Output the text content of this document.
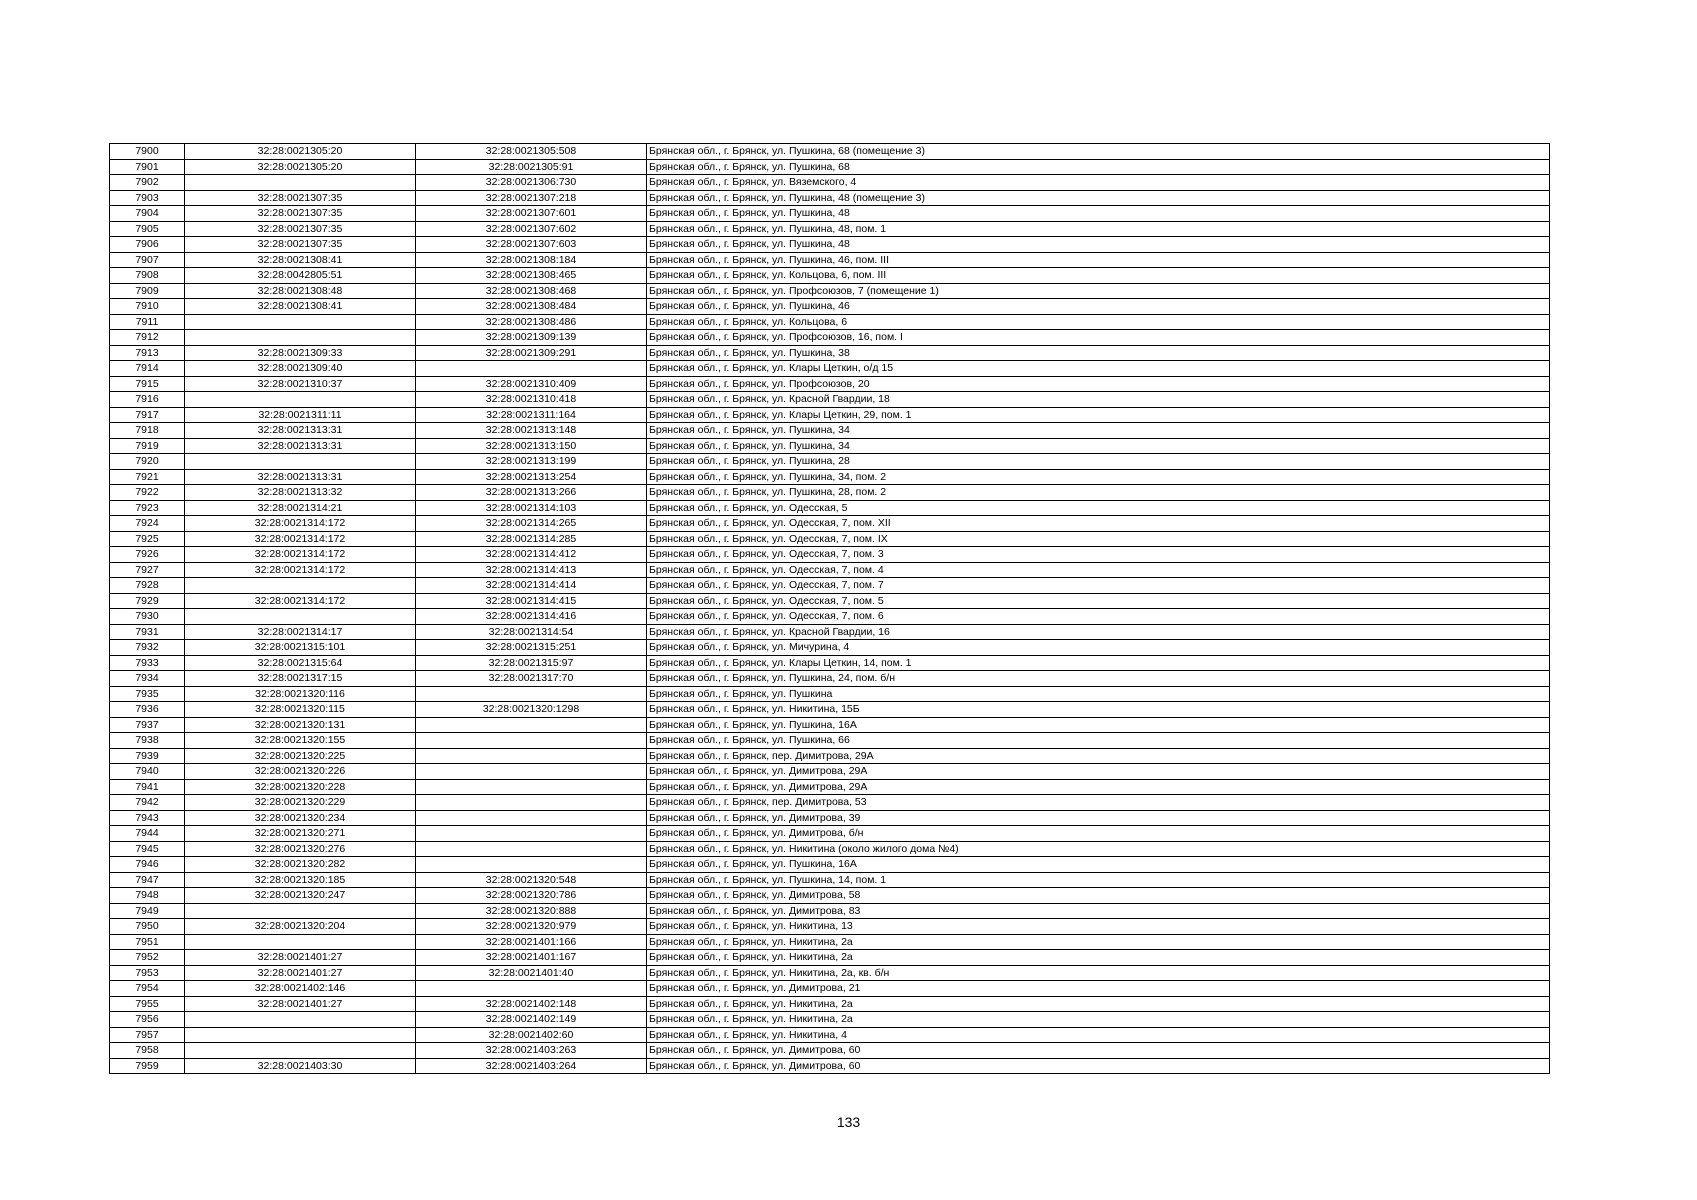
7900	32:28:0021305:20	32:28:0021305:508	Брянская обл., г. Брянск, ул. Пушкина, 68 (помещение 3)
7901	32:28:0021305:20	32:28:0021305:91	Брянская обл., г. Брянск, ул. Пушкина, 68
7902		32:28:0021306:730	Брянская обл., г. Брянск, ул. Вяземского, 4
7903	32:28:0021307:35	32:28:0021307:218	Брянская обл., г. Брянск, ул. Пушкина, 48 (помещение 3)
7904	32:28:0021307:35	32:28:0021307:601	Брянская обл., г. Брянск, ул. Пушкина, 48
7905	32:28:0021307:35	32:28:0021307:602	Брянская обл., г. Брянск, ул. Пушкина, 48, пом. 1
7906	32:28:0021307:35	32:28:0021307:603	Брянская обл., г. Брянск, ул. Пушкина, 48
7907	32:28:0021308:41	32:28:0021308:184	Брянская обл., г. Брянск, ул. Пушкина, 46, пом. III
7908	32:28:0042805:51	32:28:0021308:465	Брянская обл., г. Брянск, ул. Кольцова, 6, пом. III
7909	32:28:0021308:48	32:28:0021308:468	Брянская обл., г. Брянск, ул. Профсоюзов, 7 (помещение 1)
7910	32:28:0021308:41	32:28:0021308:484	Брянская обл., г. Брянск, ул. Пушкина, 46
7911		32:28:0021308:486	Брянская обл., г. Брянск, ул. Кольцова, 6
7912		32:28:0021309:139	Брянская обл., г. Брянск, ул. Профсоюзов, 16, пом. I
7913	32:28:0021309:33	32:28:0021309:291	Брянская обл., г. Брянск, ул. Пушкина, 38
7914	32:28:0021309:40		Брянская обл., г. Брянск, ул. Клары Цеткин, о/д 15
7915	32:28:0021310:37	32:28:0021310:409	Брянская обл., г. Брянск, ул. Профсоюзов, 20
7916		32:28:0021310:418	Брянская обл., г. Брянск, ул. Красной Гвардии, 18
7917	32:28:0021311:11	32:28:0021311:164	Брянская обл., г. Брянск, ул. Клары Цеткин, 29, пом. 1
7918	32:28:0021313:31	32:28:0021313:148	Брянская обл., г. Брянск, ул. Пушкина, 34
7919	32:28:0021313:31	32:28:0021313:150	Брянская обл., г. Брянск, ул. Пушкина, 34
7920		32:28:0021313:199	Брянская обл., г. Брянск, ул. Пушкина, 28
7921	32:28:0021313:31	32:28:0021313:254	Брянская обл., г. Брянск, ул. Пушкина, 34, пом. 2
7922	32:28:0021313:32	32:28:0021313:266	Брянская обл., г. Брянск, ул. Пушкина, 28, пом. 2
7923	32:28:0021314:21	32:28:0021314:103	Брянская обл., г. Брянск, ул. Одесская, 5
7924	32:28:0021314:172	32:28:0021314:265	Брянская обл., г. Брянск, ул. Одесская, 7, пом. XII
7925	32:28:0021314:172	32:28:0021314:285	Брянская обл., г. Брянск, ул. Одесская, 7, пом. IX
7926	32:28:0021314:172	32:28:0021314:412	Брянская обл., г. Брянск, ул. Одесская, 7, пом. 3
7927	32:28:0021314:172	32:28:0021314:413	Брянская обл., г. Брянск, ул. Одесская, 7, пом. 4
7928		32:28:0021314:414	Брянская обл., г. Брянск, ул. Одесская, 7, пом. 7
7929	32:28:0021314:172	32:28:0021314:415	Брянская обл., г. Брянск, ул. Одесская, 7, пом. 5
7930		32:28:0021314:416	Брянская обл., г. Брянск, ул. Одесская, 7, пом. 6
7931	32:28:0021314:17	32:28:0021314:54	Брянская обл., г. Брянск, ул. Красной Гвардии, 16
7932	32:28:0021315:101	32:28:0021315:251	Брянская обл., г. Брянск, ул. Мичурина, 4
7933	32:28:0021315:64	32:28:0021315:97	Брянская обл., г. Брянск, ул. Клары Цеткин, 14, пом. 1
7934	32:28:0021317:15	32:28:0021317:70	Брянская обл., г. Брянск, ул. Пушкина, 24, пом. б/н
7935	32:28:0021320:116		Брянская обл., г. Брянск, ул. Пушкина
7936	32:28:0021320:115	32:28:0021320:1298	Брянская обл., г. Брянск, ул. Никитина, 15Б
7937	32:28:0021320:131		Брянская обл., г. Брянск, ул. Пушкина, 16А
7938	32:28:0021320:155		Брянская обл., г. Брянск, ул. Пушкина, 66
7939	32:28:0021320:225		Брянская обл., г. Брянск, пер. Димитрова, 29А
7940	32:28:0021320:226		Брянская обл., г. Брянск, ул. Димитрова, 29А
7941	32:28:0021320:228		Брянская обл., г. Брянск, ул. Димитрова, 29А
7942	32:28:0021320:229		Брянская обл., г. Брянск, пер. Димитрова, 53
7943	32:28:0021320:234		Брянская обл., г. Брянск, ул. Димитрова, 39
7944	32:28:0021320:271		Брянская обл., г. Брянск, ул. Димитрова, б/н
7945	32:28:0021320:276		Брянская обл., г. Брянск, ул. Никитина (около жилого дома №4)
7946	32:28:0021320:282		Брянская обл., г. Брянск, ул. Пушкина, 16А
7947	32:28:0021320:185	32:28:0021320:548	Брянская обл., г. Брянск, ул. Пушкина, 14, пом. 1
7948	32:28:0021320:247	32:28:0021320:786	Брянская обл., г. Брянск, ул. Димитрова, 58
7949		32:28:0021320:888	Брянская обл., г. Брянск, ул. Димитрова, 83
7950	32:28:0021320:204	32:28:0021320:979	Брянская обл., г. Брянск, ул. Никитина, 13
7951		32:28:0021401:166	Брянская обл., г. Брянск, ул. Никитина, 2а
7952	32:28:0021401:27	32:28:0021401:167	Брянская обл., г. Брянск, ул. Никитина, 2а
7953	32:28:0021401:27	32:28:0021401:40	Брянская обл., г. Брянск, ул. Никитина, 2а, кв. б/н
7954	32:28:0021402:146		Брянская обл., г. Брянск, ул. Димитрова, 21
7955	32:28:0021401:27	32:28:0021402:148	Брянская обл., г. Брянск, ул. Никитина, 2а
7956		32:28:0021402:149	Брянская обл., г. Брянск, ул. Никитина, 2а
7957		32:28:0021402:60	Брянская обл., г. Брянск, ул. Никитина, 4
7958		32:28:0021403:263	Брянская обл., г. Брянск, ул. Димитрова, 60
7959	32:28:0021403:30	32:28:0021403:264	Брянская обл., г. Брянск, ул. Димитрова, 60
133
